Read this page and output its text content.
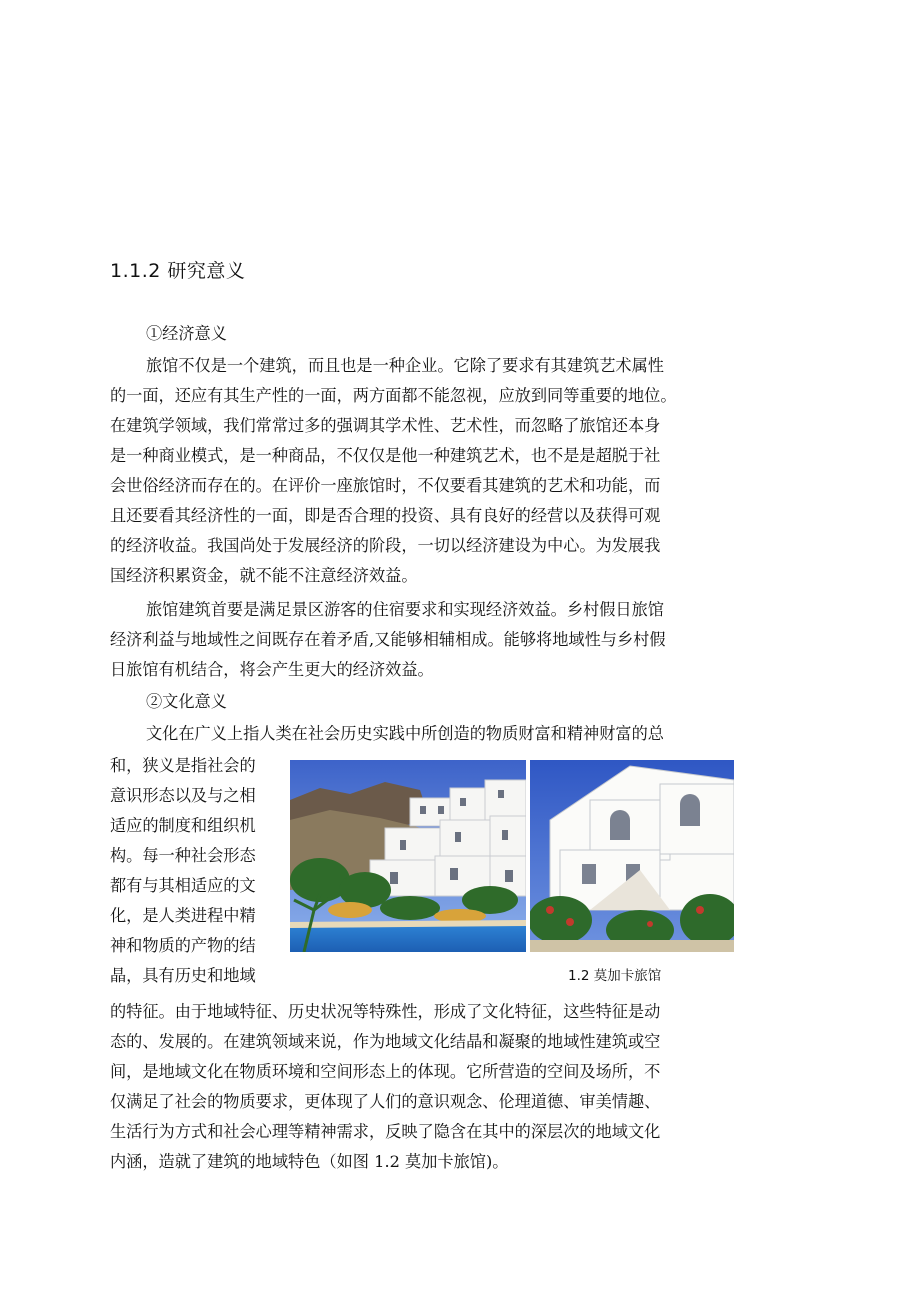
1.1.2 研究意义
①经济意义
旅馆不仅是一个建筑，而且也是一种企业。它除了要求有其建筑艺术属性
的一面，还应有其生产性的一面，两方面都不能忽视，应放到同等重要的地位。
在建筑学领域，我们常常过多的强调其学术性、艺术性，而忽略了旅馆还本身
是一种商业模式，是一种商品，不仅仅是他一种建筑艺术，也不是是超脱于社
会世俗经济而存在的。在评价一座旅馆时，不仅要看其建筑的艺术和功能，而
且还要看其经济性的一面，即是否合理的投资、具有良好的经营以及获得可观
的经济收益。我国尚处于发展经济的阶段，一切以经济建设为中心。为发展我
国经济积累资金，就不能不注意经济效益。
旅馆建筑首要是满足景区游客的住宿要求和实现经济效益。乡村假日旅馆
经济利益与地域性之间既存在着矛盾,又能够相辅相成。能够将地域性与乡村假
日旅馆有机结合，将会产生更大的经济效益。
②文化意义
文化在广义上指人类在社会历史实践中所创造的物质财富和精神财富的总
和，狭义是指社会的
意识形态以及与之相
适应的制度和组织机
构。每一种社会形态
都有与其相适应的文
化，是人类进程中精
神和物质的产物的结
晶，具有历史和地域
的特征。由于地域特征、历史状况等特殊性，形成了文化特征，这些特征是动
态的、发展的。在建筑领域来说，作为地域文化结晶和凝聚的地域性建筑或空
间，是地域文化在物质环境和空间形态上的体现。它所营造的空间及场所，不
仅满足了社会的物质要求，更体现了人们的意识观念、伦理道德、审美情趣、
生活行为方式和社会心理等精神需求，反映了隐含在其中的深层次的地域文化
内涵，造就了建筑的地域特色（如图 1.2 莫加卡旅馆)。
1.2 莫加卡旅馆
